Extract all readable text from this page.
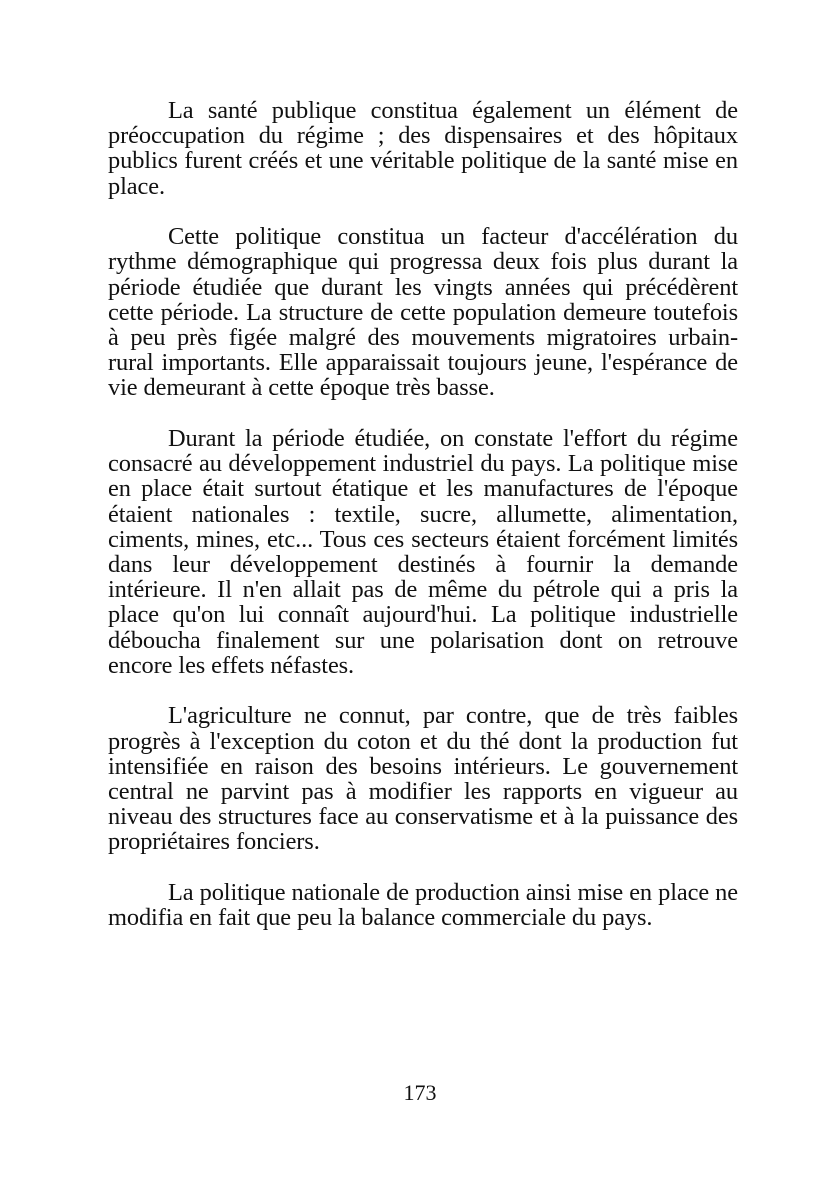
La santé publique constitua également un élément de préoccupation du régime ; des dispensaires et des hôpitaux publics furent créés et une véritable politique de la santé mise en place.

Cette politique constitua un facteur d'accélération du rythme démographique qui progressa deux fois plus durant la période étudiée que durant les vingts années qui précédèrent cette période. La structure de cette population demeure toutefois à peu près figée malgré des mouvements migratoires urbain-rural importants. Elle apparaissait toujours jeune, l'espérance de vie demeurant à cette époque très basse.

Durant la période étudiée, on constate l'effort du régime consacré au développement industriel du pays. La politique mise en place était surtout étatique et les manufactures de l'époque étaient nationales : textile, sucre, allumette, alimentation, ciments, mines, etc... Tous ces secteurs étaient forcément limités dans leur développement destinés à fournir la demande intérieure. Il n'en allait pas de même du pétrole qui a pris la place qu'on lui connaît aujourd'hui. La politique industrielle déboucha finalement sur une polarisation dont on retrouve encore les effets néfastes.

L'agriculture ne connut, par contre, que de très faibles progrès à l'exception du coton et du thé dont la production fut intensifiée en raison des besoins intérieurs. Le gouvernement central ne parvint pas à modifier les rapports en vigueur au niveau des structures face au conservatisme et à la puissance des propriétaires fonciers.

La politique nationale de production ainsi mise en place ne modifia en fait que peu la balance commerciale du pays.

173
